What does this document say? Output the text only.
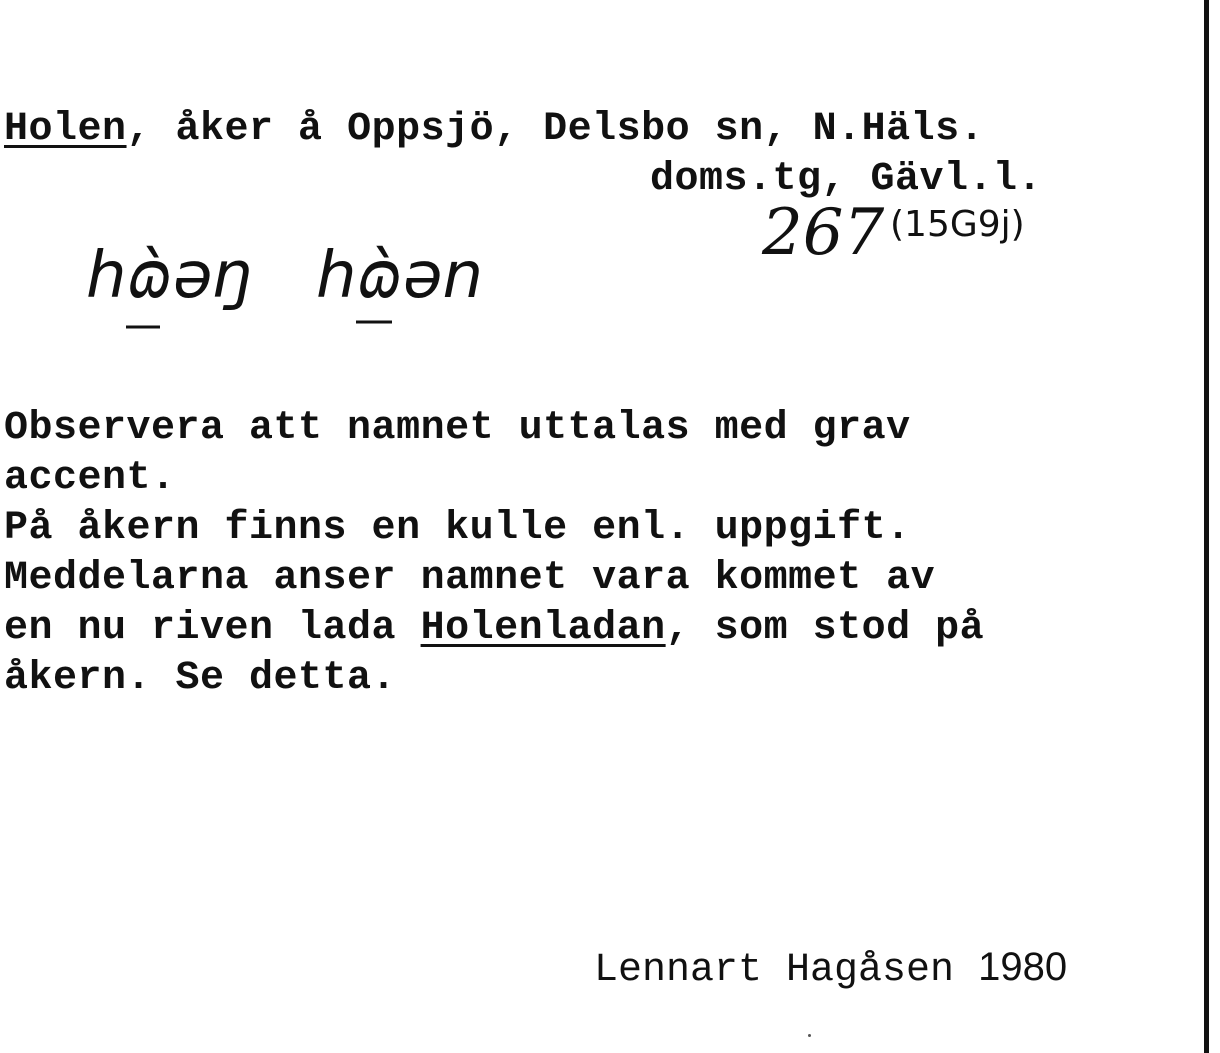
Holen, åker å Oppsjö, Delsbo sn, N.Häls.
doms.tg, Gävl.l.
267 (15G9j)
hɷ̀əŋ hɷ̀ən
Observera att namnet uttalas med grav
accent.
På åkern finns en kulle enl. uppgift.
Meddelarna anser namnet vara kommet av
en nu riven lada Holenladan, som stod på
åkern. Se detta.
Lennart Hagåsen 1980
